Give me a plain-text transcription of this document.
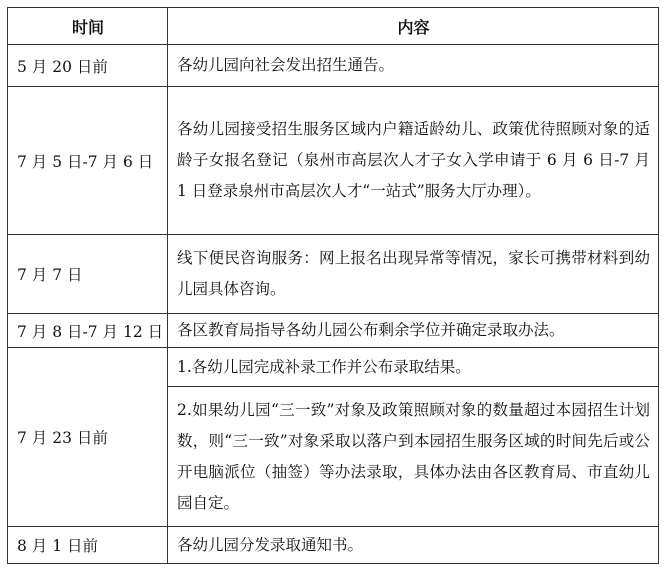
时间	内容
5 月 20 日前	各幼儿园向社会发出招生通告。
7 月 5 日-7 月 6 日	各幼儿园接受招生服务区域内户籍适龄幼儿、政策优待照顾对象的适龄子女报名登记（泉州市高层次人才子女入学申请于 6 月 6 日-7 月 1 日登录泉州市高层次人才“一站式”服务大厅办理）。
7 月 7 日	线下便民咨询服务：网上报名出现异常等情况，家长可携带材料到幼儿园具体咨询。
7 月 8 日-7 月 12 日	各区教育局指导各幼儿园公布剩余学位并确定录取办法。
7 月 23 日前	1.各幼儿园完成补录工作并公布录取结果。
	2.如果幼儿园“三一致”对象及政策照顾对象的数量超过本园招生计划数，则“三一致”对象采取以落户到本园招生服务区域的时间先后或公开电脑派位（抽签）等办法录取，具体办法由各区教育局、市直幼儿园自定。
8 月 1 日前	各幼儿园分发录取通知书。
